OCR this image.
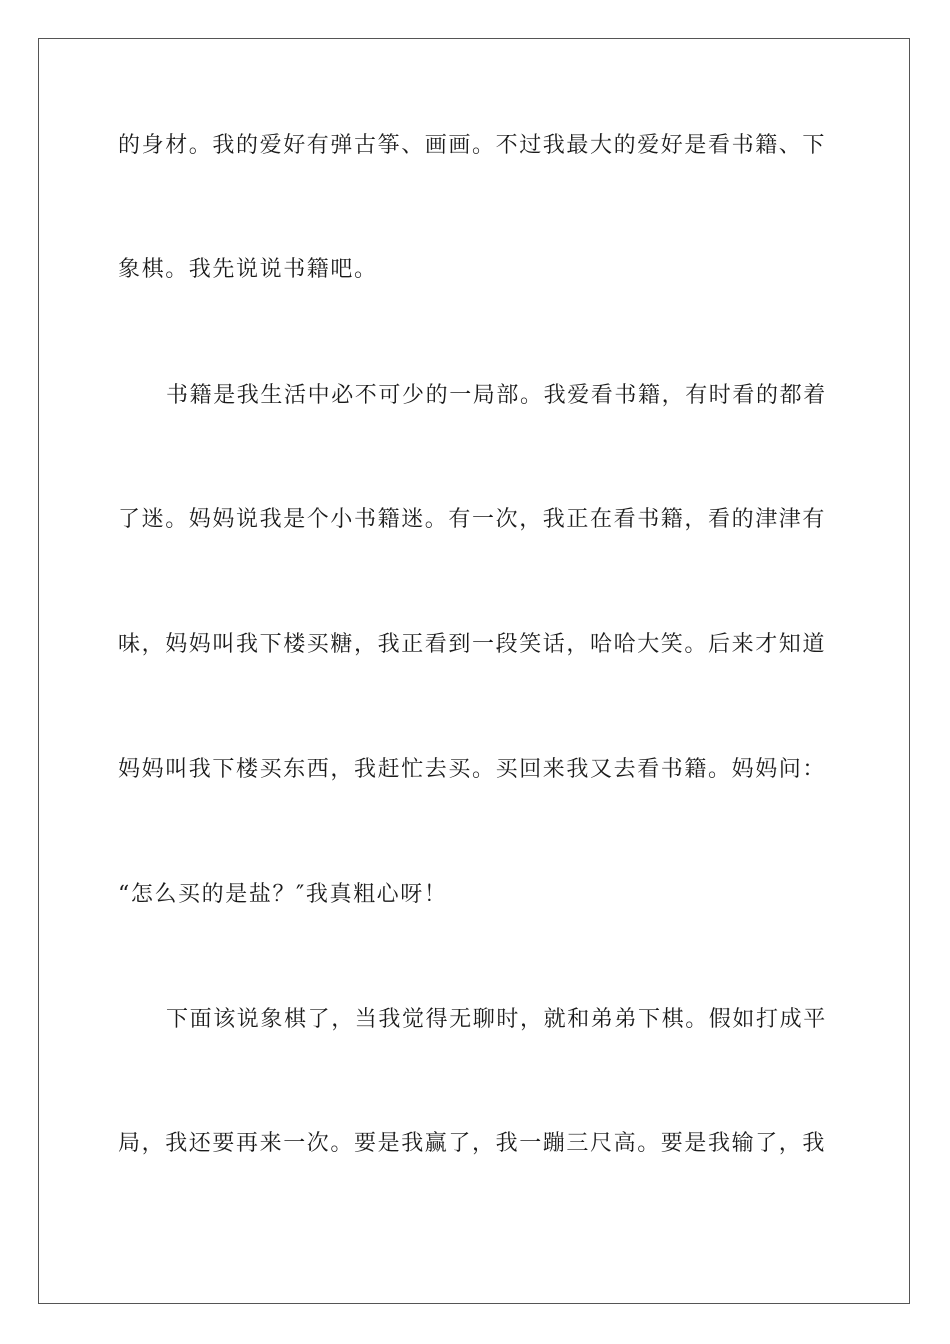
的身材。我的爱好有弹古筝、画画。不过我最大的爱好是看书籍、下
象棋。我先说说书籍吧。
书籍是我生活中必不可少的一局部。我爱看书籍，有时看的都着
了迷。妈妈说我是个小书籍迷。有一次，我正在看书籍，看的津津有
味，妈妈叫我下楼买糖，我正看到一段笑话，哈哈大笑。后来才知道
妈妈叫我下楼买东西，我赶忙去买。买回来我又去看书籍。妈妈问：
“怎么买的是盐？″我真粗心呀！
下面该说象棋了，当我觉得无聊时，就和弟弟下棋。假如打成平
局，我还要再来一次。要是我赢了，我一蹦三尺高。要是我输了，我
